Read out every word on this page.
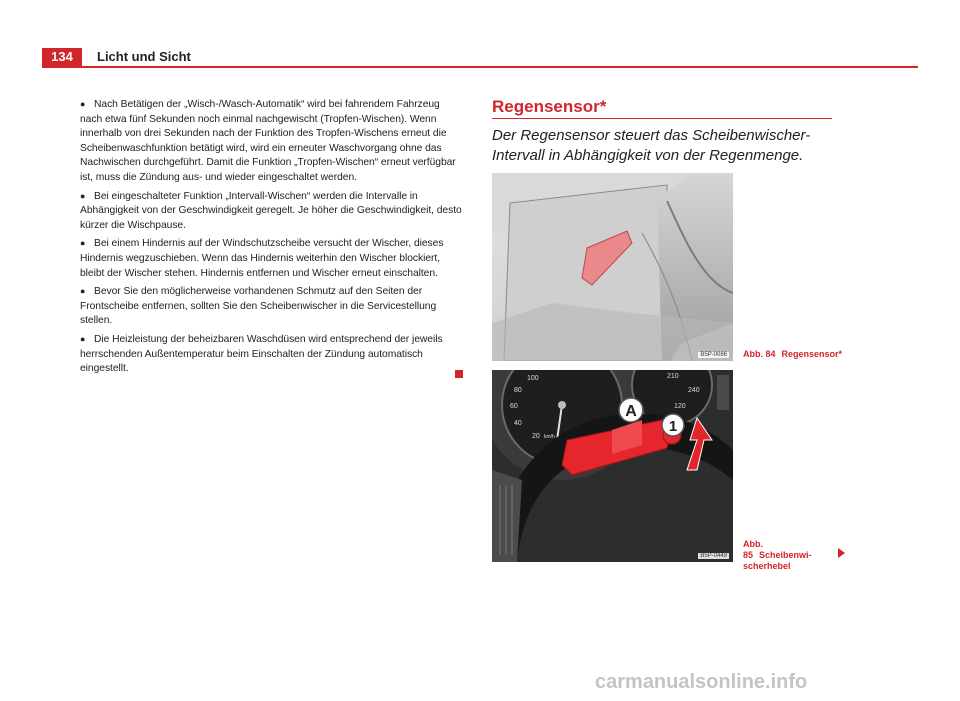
134	Licht und Sicht

● Nach Betätigen der „Wisch-/Wasch-Automatik“ wird bei fahrendem Fahrzeug nach etwa fünf Sekunden noch einmal nachgewischt (Tropfen-Wischen). Wenn innerhalb von drei Sekunden nach der Funktion des Tropfen-Wischens erneut die Scheibenwaschfunktion betätigt wird, wird ein erneuter Waschvorgang ohne das Nachwischen durchgeführt. Damit die Funktion „Tropfen-Wischen“ erneut verfügbar ist, muss die Zündung aus- und wieder eingeschaltet werden.

● Bei eingeschalteter Funktion „Intervall-Wischen“ werden die Intervalle in Abhängigkeit von der Geschwindigkeit geregelt. Je höher die Geschwindigkeit, desto kürzer die Wischpause.

● Bei einem Hindernis auf der Windschutzscheibe versucht der Wischer, dieses Hindernis wegzuschieben. Wenn das Hindernis weiterhin den Wischer blockiert, bleibt der Wischer stehen. Hindernis entfernen und Wischer erneut einschalten.

● Bevor Sie den möglicherweise vorhandenen Schmutz auf den Seiten der Frontscheibe entfernen, sollten Sie den Scheibenwischer in die Servicestellung stellen.

● Die Heizleistung der beheizbaren Waschdüsen wird entsprechend der jeweils herrschenden Außentemperatur beim Einschalten der Zündung automatisch eingestellt.

Regensensor*
Der Regensensor steuert das Scheibenwischer-Intervall in Abhängigkeit von der Regenmenge.
B5P-0086 Abb. 84 Regensensor*
100
80
60
40
20 km/h
210
240
120
A
1
B5P-0449
Abb. 85 Scheibenwi-scherhebel
carmanualsonline.info
